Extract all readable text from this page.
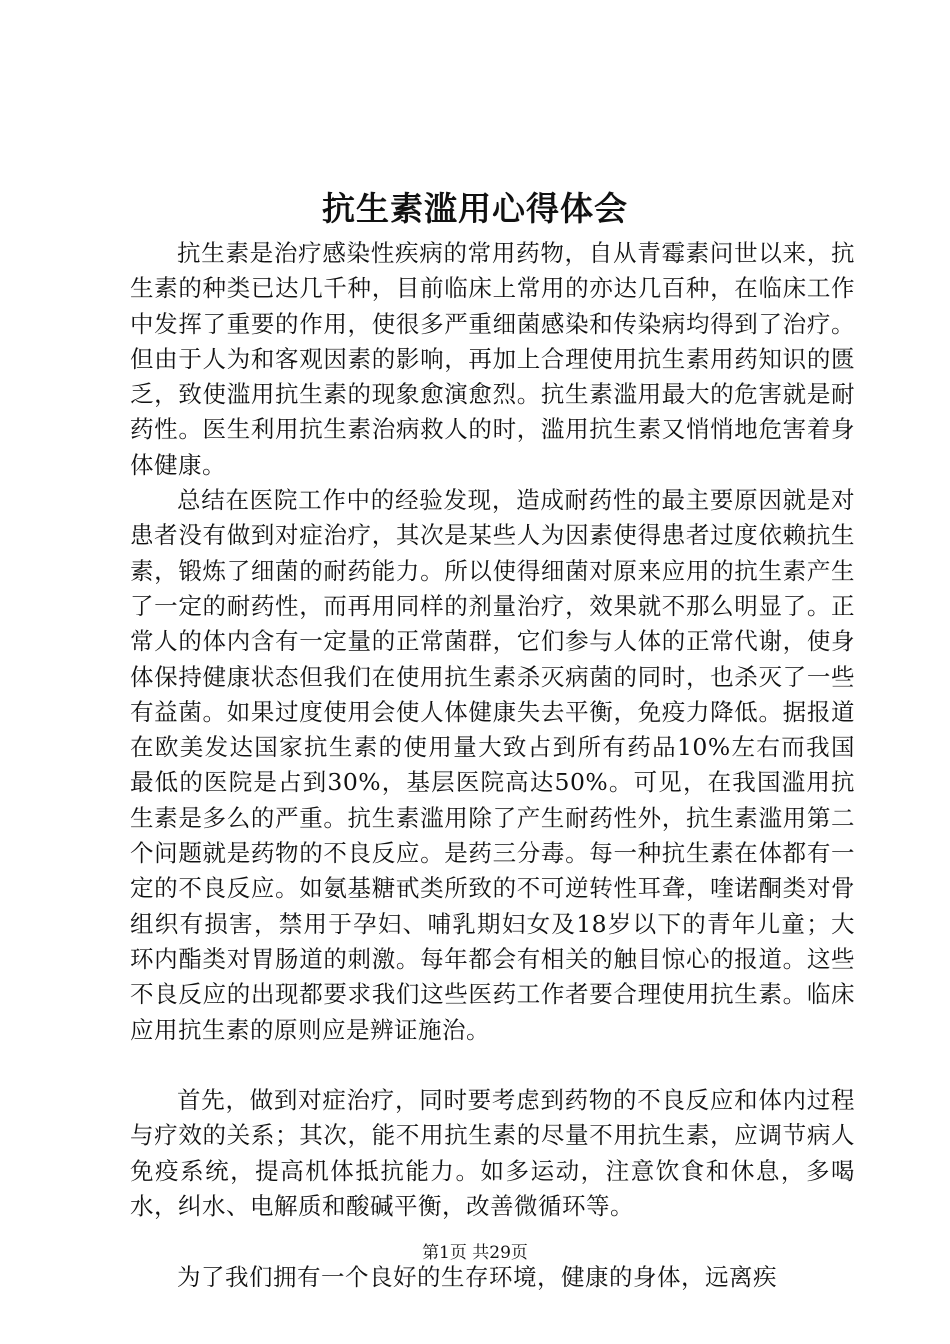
抗生素滥用心得体会

抗生素是治疗感染性疾病的常用药物，自从青霉素问世以来，抗生素的种类已达几千种，目前临床上常用的亦达几百种，在临床工作中发挥了重要的作用，使很多严重细菌感染和传染病均得到了治疗。但由于人为和客观因素的影响，再加上合理使用抗生素用药知识的匮乏，致使滥用抗生素的现象愈演愈烈。抗生素滥用最大的危害就是耐药性。医生利用抗生素治病救人的时，滥用抗生素又悄悄地危害着身体健康。

总结在医院工作中的经验发现，造成耐药性的最主要原因就是对患者没有做到对症治疗，其次是某些人为因素使得患者过度依赖抗生素，锻炼了细菌的耐药能力。所以使得细菌对原来应用的抗生素产生了一定的耐药性，而再用同样的剂量治疗，效果就不那么明显了。正常人的体内含有一定量的正常菌群，它们参与人体的正常代谢，使身体保持健康状态但我们在使用抗生素杀灭病菌的同时，也杀灭了一些有益菌。如果过度使用会使人体健康失去平衡，免疫力降低。据报道在欧美发达国家抗生素的使用量大致占到所有药品10%左右而我国最低的医院是占到30%，基层医院高达50%。可见，在我国滥用抗生素是多么的严重。抗生素滥用除了产生耐药性外，抗生素滥用第二个问题就是药物的不良反应。是药三分毒。每一种抗生素在体都有一定的不良反应。如氨基糖甙类所致的不可逆转性耳聋，喹诺酮类对骨组织有损害，禁用于孕妇、哺乳期妇女及18岁以下的青年儿童；大环内酯类对胃肠道的刺激。每年都会有相关的触目惊心的报道。这些不良反应的出现都要求我们这些医药工作者要合理使用抗生素。临床应用抗生素的原则应是辨证施治。

首先，做到对症治疗，同时要考虑到药物的不良反应和体内过程与疗效的关系；其次，能不用抗生素的尽量不用抗生素，应调节病人免疫系统，提高机体抵抗能力。如多运动，注意饮食和休息，多喝水，纠水、电解质和酸碱平衡，改善微循环等。

为了我们拥有一个良好的生存环境，健康的身体，远离疾

第1页 共29页
